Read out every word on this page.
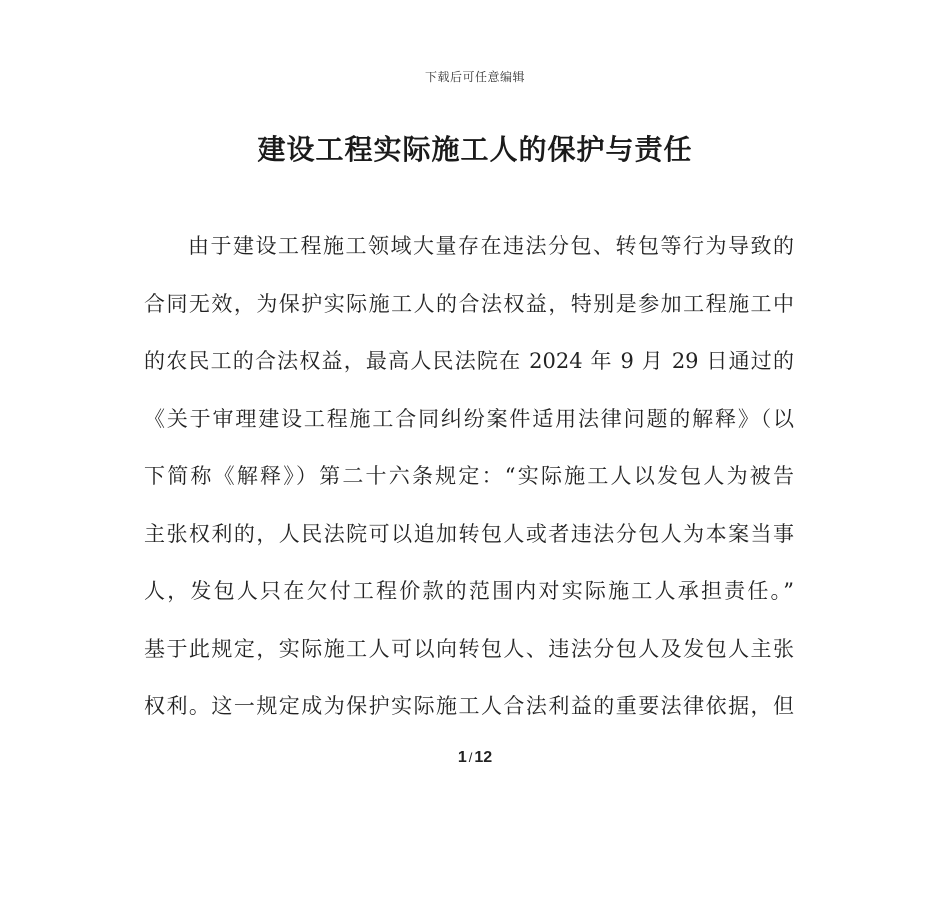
下载后可任意编辑
建设工程实际施工人的保护与责任
由于建设工程施工领域大量存在违法分包、转包等行为导致的
合同无效，为保护实际施工人的合法权益，特别是参加工程施工中
的农民工的合法权益，最高人民法院在 2024 年 9 月 29 日通过的
《关于审理建设工程施工合同纠纷案件适用法律问题的解释》（以
下简称《解释》）第二十六条规定：“实际施工人以发包人为被告
主张权利的，人民法院可以追加转包人或者违法分包人为本案当事
人，发包人只在欠付工程价款的范围内对实际施工人承担责任。”
基于此规定，实际施工人可以向转包人、违法分包人及发包人主张
权利。这一规定成为保护实际施工人合法利益的重要法律依据，但
1 / 12
